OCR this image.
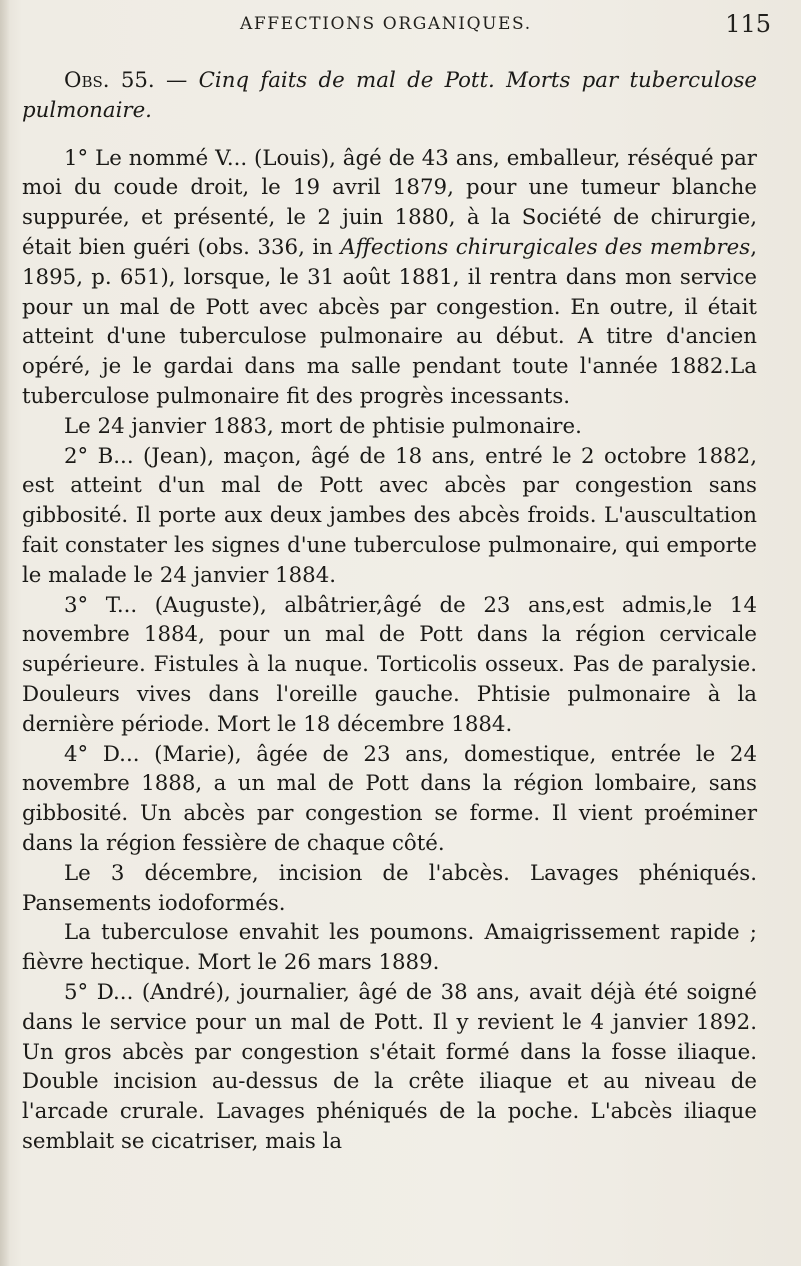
AFFECTIONS ORGANIQUES.	115

Obs. 55. — Cinq faits de mal de Pott. Morts par tuberculose pulmonaire.

1° Le nommé V... (Louis), âgé de 43 ans, emballeur, réséqué par moi du coude droit, le 19 avril 1879, pour une tumeur blanche suppurée, et présenté, le 2 juin 1880, à la Société de chirurgie, était bien guéri (obs. 336, in Affections chirurgicales des membres, 1895, p. 651), lorsque, le 31 août 1881, il rentra dans mon service pour un mal de Pott avec abcès par congestion. En outre, il était atteint d'une tuberculose pulmonaire au début. A titre d'ancien opéré, je le gardai dans ma salle pendant toute l'année 1882.La tuberculose pulmonaire fit des progrès incessants.

Le 24 janvier 1883, mort de phtisie pulmonaire.

2° B... (Jean), maçon, âgé de 18 ans, entré le 2 octobre 1882, est atteint d'un mal de Pott avec abcès par congestion sans gibbosité. Il porte aux deux jambes des abcès froids. L'auscultation fait constater les signes d'une tuberculose pulmonaire, qui emporte le malade le 24 janvier 1884.

3° T... (Auguste), albâtrier,âgé de 23 ans,est admis,le 14 novembre 1884, pour un mal de Pott dans la région cervicale supérieure. Fistules à la nuque. Torticolis osseux. Pas de paralysie. Douleurs vives dans l'oreille gauche. Phtisie pulmonaire à la dernière période. Mort le 18 décembre 1884.

4° D... (Marie), âgée de 23 ans, domestique, entrée le 24 novembre 1888, a un mal de Pott dans la région lombaire, sans gibbosité. Un abcès par congestion se forme. Il vient proéminer dans la région fessière de chaque côté.

Le 3 décembre, incision de l'abcès. Lavages phéniqués. Pansements iodoformés.

La tuberculose envahit les poumons. Amaigrissement rapide ; fièvre hectique. Mort le 26 mars 1889.

5° D... (André), journalier, âgé de 38 ans, avait déjà été soigné dans le service pour un mal de Pott. Il y revient le 4 janvier 1892. Un gros abcès par congestion s'était formé dans la fosse iliaque. Double incision au-dessus de la crête iliaque et au niveau de l'arcade crurale. Lavages phéniqués de la poche. L'abcès iliaque semblait se cicatriser, mais la
